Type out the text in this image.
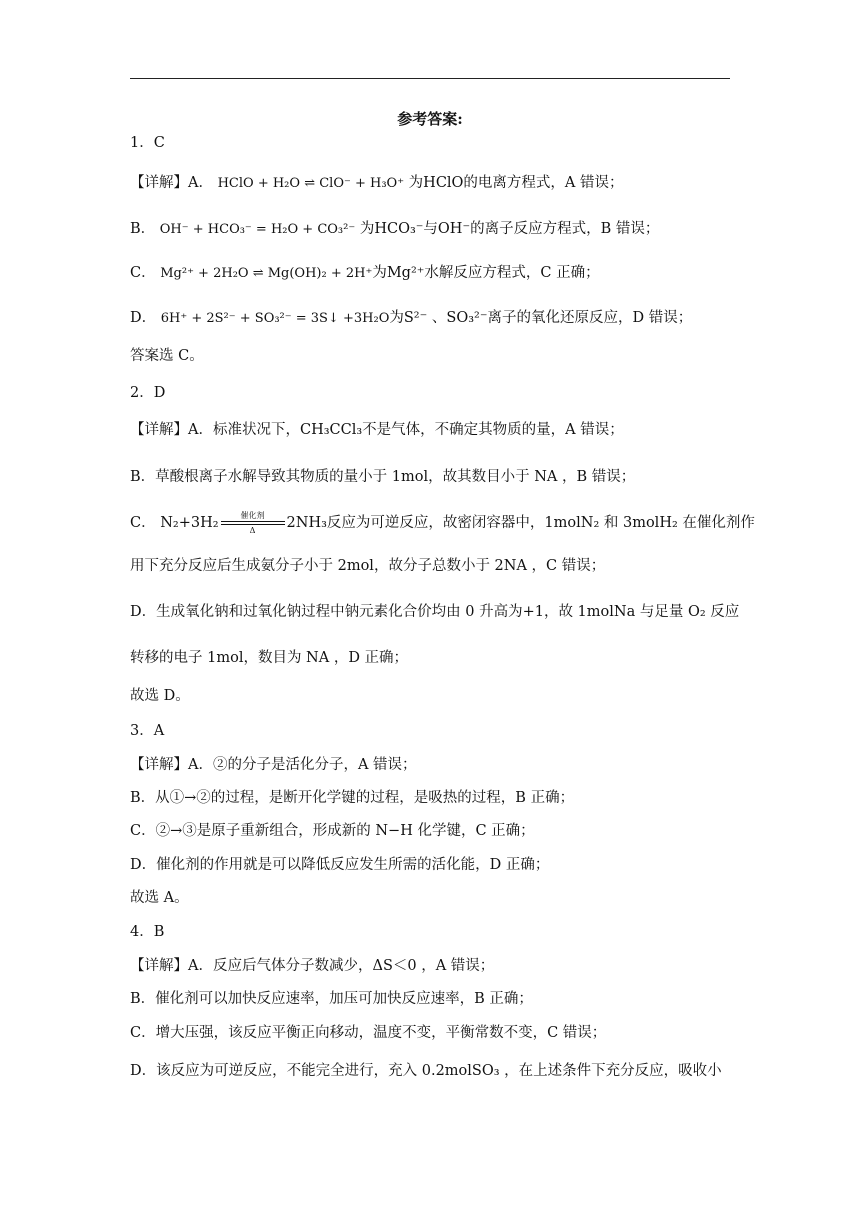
参考答案:
1．C
【详解】A． HClO + H₂O ⇌ ClO⁻ + H₃O⁺ 为HClO的电离方程式，A 错误；
B． OH⁻ + HCO₃⁻ = H₂O + CO₃²⁻ 为HCO₃⁻与OH⁻的离子反应方程式，B 错误；
C． Mg²⁺ + 2H₂O ⇌ Mg(OH)₂ + 2H⁺为Mg²⁺水解反应方程式，C 正确；
D． 6H⁺ + 2S²⁻ + SO₃²⁻ = 3S↓ +3H₂O为S²⁻ 、SO₃²⁻离子的氧化还原反应，D 错误；
答案选 C。
2．D
【详解】A．标准状况下，CH₃CCl₃不是气体，不确定其物质的量，A 错误；
B．草酸根离子水解导致其物质的量小于 1mol，故其数目小于 NA ，B 错误；
C． N₂+3H₂	催化剂
Δ	2NH₃反应为可逆反应，故密闭容器中，1molN₂ 和 3molH₂ 在催化剂作
用下充分反应后生成氨分子小于 2mol，故分子总数小于 2NA ，C 错误；
D．生成氧化钠和过氧化钠过程中钠元素化合价均由 0 升高为+1，故 1molNa 与足量 O₂ 反应
转移的电子 1mol，数目为 NA ，D 正确；
故选 D。
3．A
【详解】A．②的分子是活化分子，A 错误；
B．从①→②的过程，是断开化学键的过程，是吸热的过程，B 正确；
C．②→③是原子重新组合，形成新的 N−H 化学键，C 正确；
D．催化剂的作用就是可以降低反应发生所需的活化能，D 正确；
故选 A。
4．B
【详解】A．反应后气体分子数减少，ΔS＜0 ，A 错误；
B．催化剂可以加快反应速率，加压可加快反应速率，B 正确；
C．增大压强，该反应平衡正向移动，温度不变，平衡常数不变，C 错误；
D．该反应为可逆反应，不能完全进行，充入 0.2molSO₃ ，在上述条件下充分反应，吸收小
